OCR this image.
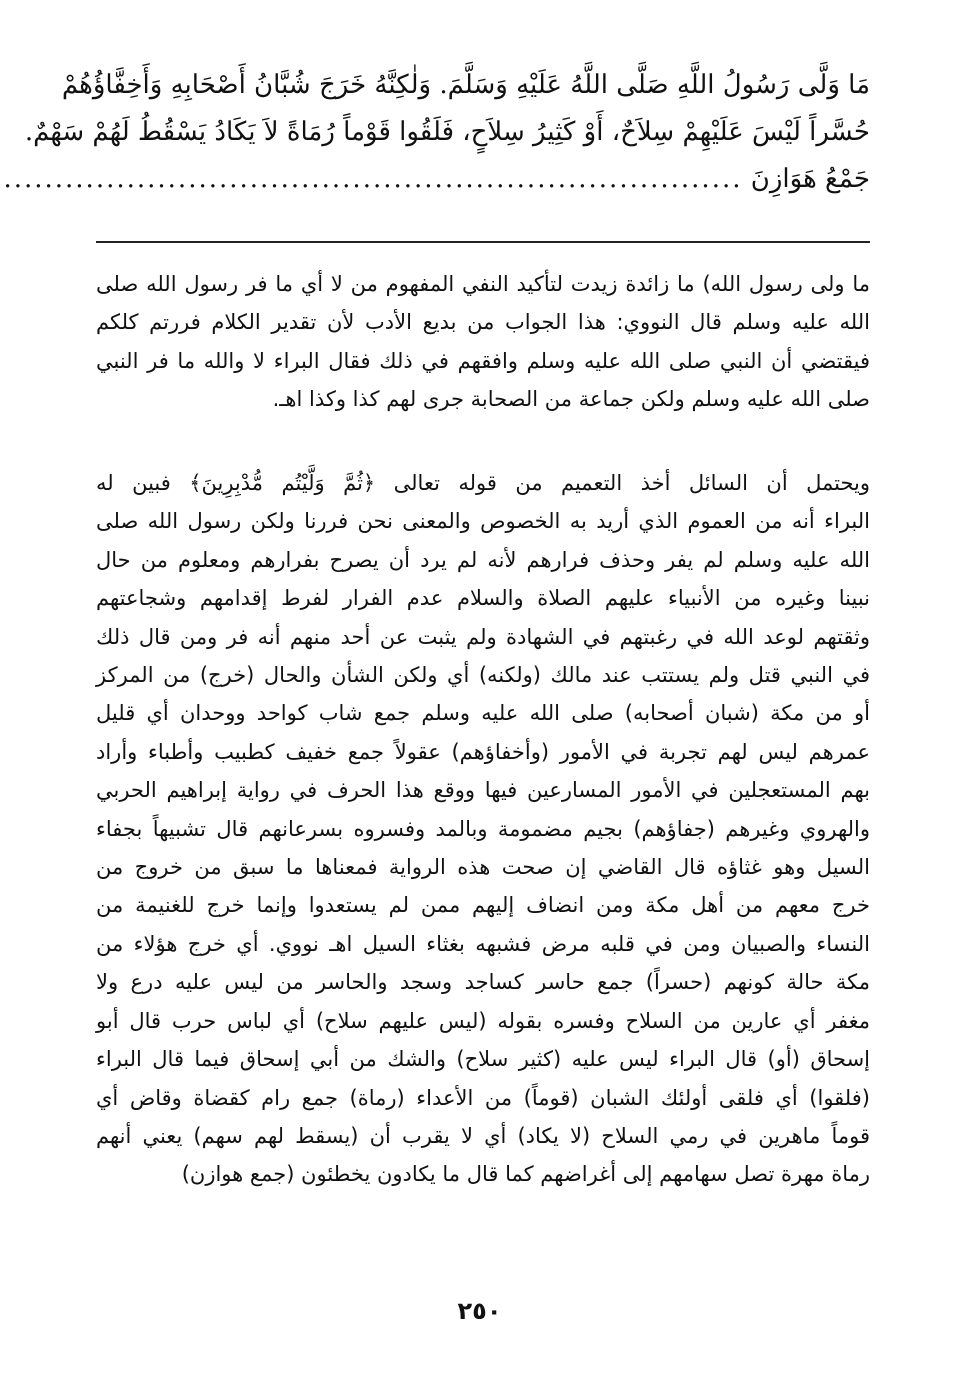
مَا وَلَّى رَسُولُ اللَّهِ صَلَّى اللَّهُ عَلَيْهِ وَسَلَّمَ. وَلٰكِنَّهُ خَرَجَ شُبَّانُ أَصْحَابِهِ وَأَخِفَّاؤُهُمْ
حُسَّراً لَيْسَ عَلَيْهِمْ سِلاَحٌ، أَوْ كَثِيرُ سِلاَحٍ، فَلَقُوا قَوْماً رُمَاةً لاَ يَكَادُ يَسْقُطُ لَهُمْ سَهْمٌ.
جَمْعُ هَوَازِنَ ........................................................................
ما ولى رسول الله) ما زائدة زيدت لتأكيد النفي المفهوم من لا أي ما فر رسول الله صلى
الله عليه وسلم قال النووي: هذا الجواب من بديع الأدب لأن تقدير الكلام فررتم كلكم
فيقتضي أن النبي صلى الله عليه وسلم وافقهم في ذلك فقال البراء لا والله ما فر النبي
صلى الله عليه وسلم ولكن جماعة من الصحابة جرى لهم كذا وكذا اهـ.
ويحتمل أن السائل أخذ التعميم من قوله تعالى ﴿ثُمَّ وَلَّيْتُم مُّدْبِرِينَ﴾ فبين له
البراء أنه من العموم الذي أريد به الخصوص والمعنى نحن فررنا ولكن رسول الله صلى
الله عليه وسلم لم يفر وحذف فرارهم لأنه لم يرد أن يصرح بفرارهم ومعلوم من حال
نبينا وغيره من الأنبياء عليهم الصلاة والسلام عدم الفرار لفرط إقدامهم وشجاعتهم
وثقتهم لوعد الله في رغبتهم في الشهادة ولم يثبت عن أحد منهم أنه فر ومن قال ذلك
في النبي قتل ولم يستتب عند مالك (ولكنه) أي ولكن الشأن والحال (خرج) من المركز
أو من مكة (شبان أصحابه) صلى الله عليه وسلم جمع شاب كواحد ووحدان أي قليل
عمرهم ليس لهم تجربة في الأمور (وأخفاؤهم) عقولاً جمع خفيف كطبيب وأطباء وأراد
بهم المستعجلين في الأمور المسارعين فيها ووقع هذا الحرف في رواية إبراهيم الحربي
والهروي وغيرهم (جفاؤهم) بجيم مضمومة وبالمد وفسروه بسرعانهم قال تشبيهاً بجفاء
السيل وهو غثاؤه قال القاضي إن صحت هذه الرواية فمعناها ما سبق من خروج من
خرج معهم من أهل مكة ومن انضاف إليهم ممن لم يستعدوا وإنما خرج للغنيمة من
النساء والصبيان ومن في قلبه مرض فشبهه بغثاء السيل اهـ نووي. أي خرج هؤلاء من
مكة حالة كونهم (حسراً) جمع حاسر كساجد وسجد والحاسر من ليس عليه درع ولا
مغفر أي عارين من السلاح وفسره بقوله (ليس عليهم سلاح) أي لباس حرب قال أبو
إسحاق (أو) قال البراء ليس عليه (كثير سلاح) والشك من أبي إسحاق فيما قال البراء
(فلقوا) أي فلقى أولئك الشبان (قوماً) من الأعداء (رماة) جمع رام كقضاة وقاض أي
قوماً ماهرين في رمي السلاح (لا يكاد) أي لا يقرب أن (يسقط لهم سهم) يعني أنهم
رماة مهرة تصل سهامهم إلى أغراضهم كما قال ما يكادون يخطئون (جمع هوازن)
٢٥٠
